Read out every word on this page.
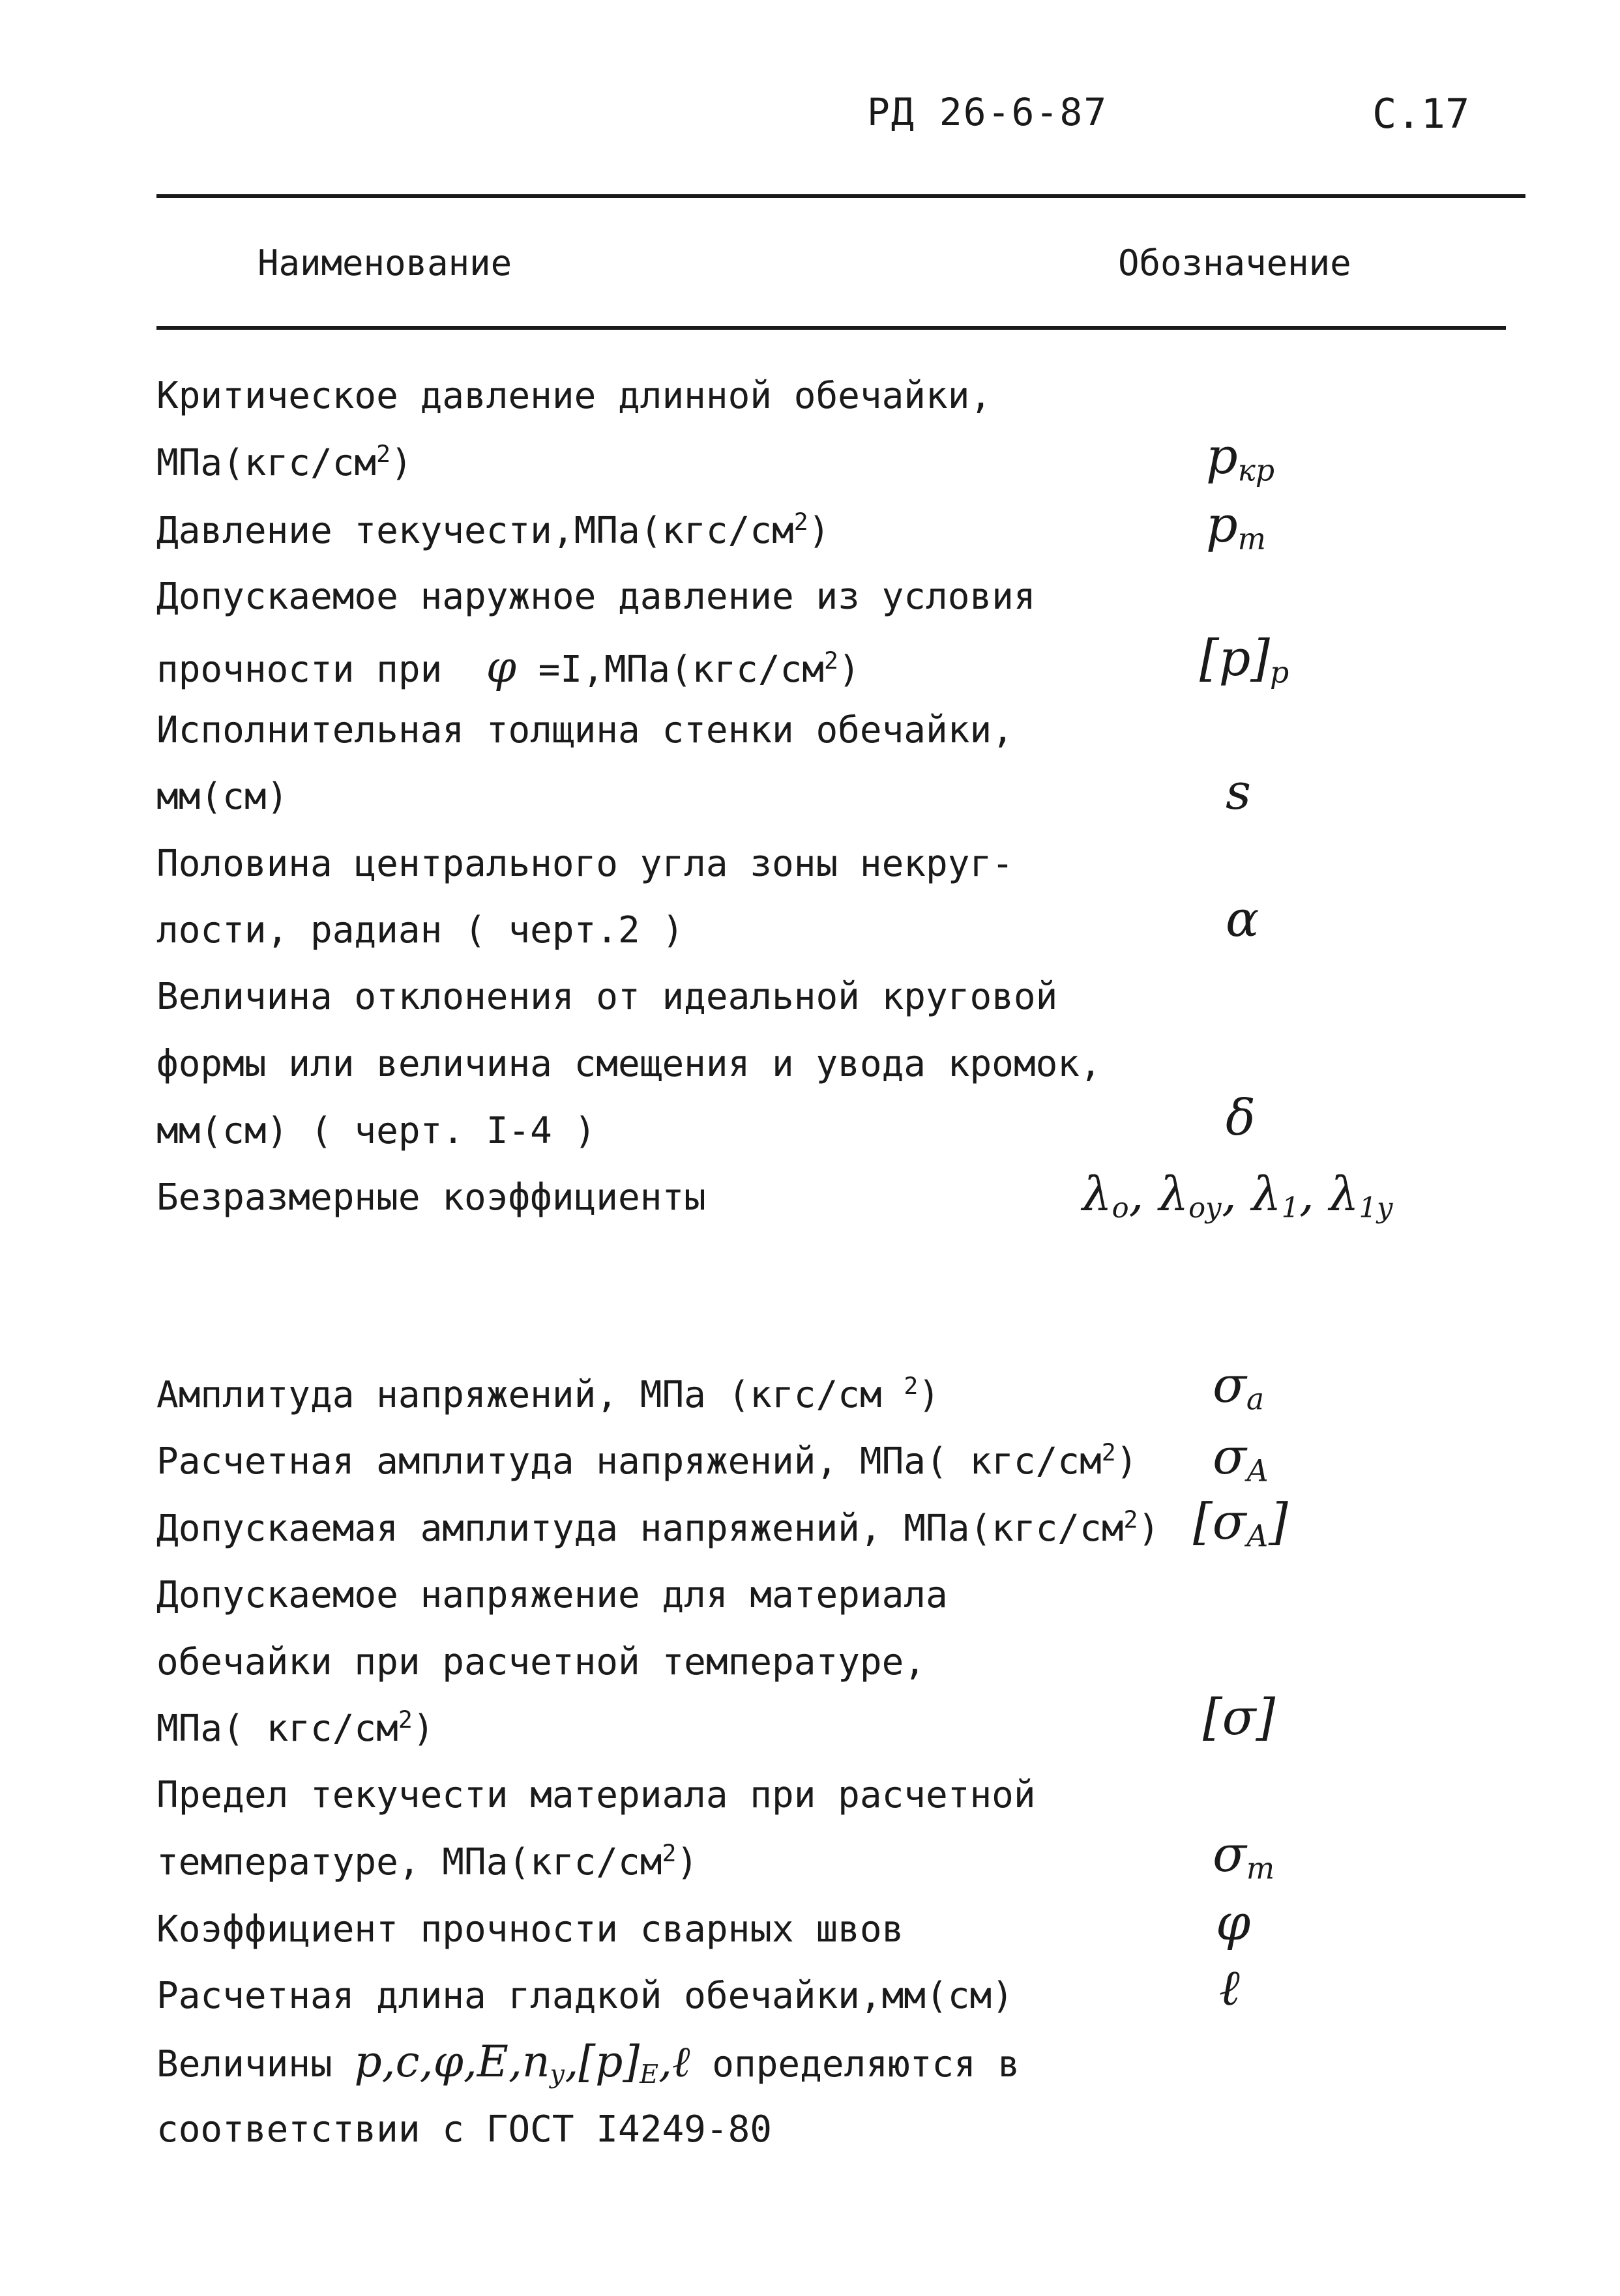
РД 26-6-87	С.17
Наименование	Обозначение
Критическое давление длинной обечайки,
$МПа(кгс/см^2)$	$p_{кр}$
Давление $текучести,МПа(кгс/см^2)$	$p_т$
Допускаемое наружное давление из условия
прочности при $\varphi =I,МПа(кгс/см^2)$	$[p]_р$
Исполнительная толщина стенки обечайки,
мм(см)	s
Половина центрального угла зоны некруг-
лости, радиан ( черт.2 )	α
Величина отклонения от идеальной круговой
формы или величина смещения и увода кромок,
мм(см) ( черт. I-4 )	δ
Безразмерные коэффициенты	$\lambda_о$, $\lambda_{оу}$, $\lambda_1$, $\lambda_{1у}$
Амплитуда напряжений, МПа (кгс/см $^2$)	$\sigma_а$
Расчетная амплитуда напряжений, МПа( кгс/$см^2$) $\sigma_А$
Допускаемая амплитуда напряжений, $МПа(кгс/см^2)$ $[\sigma_А]$
Допускаемое напряжение для материала
обечайки при расчетной температуре,
МПа( кгс/$см^2$)	[σ]
Предел текучести материала при расчетной
температуре, $МПа(кгс/см^2)$	$\sigma_т$
Коэффициент прочности сварных швов	φ
Расчетная длина гладкой обечайки,мм(см)	ℓ
Величины $p,c,\varphi,E,n_у,[p]_E,\ell$ определяются в
соответствии с ГОСТ I4249-80
